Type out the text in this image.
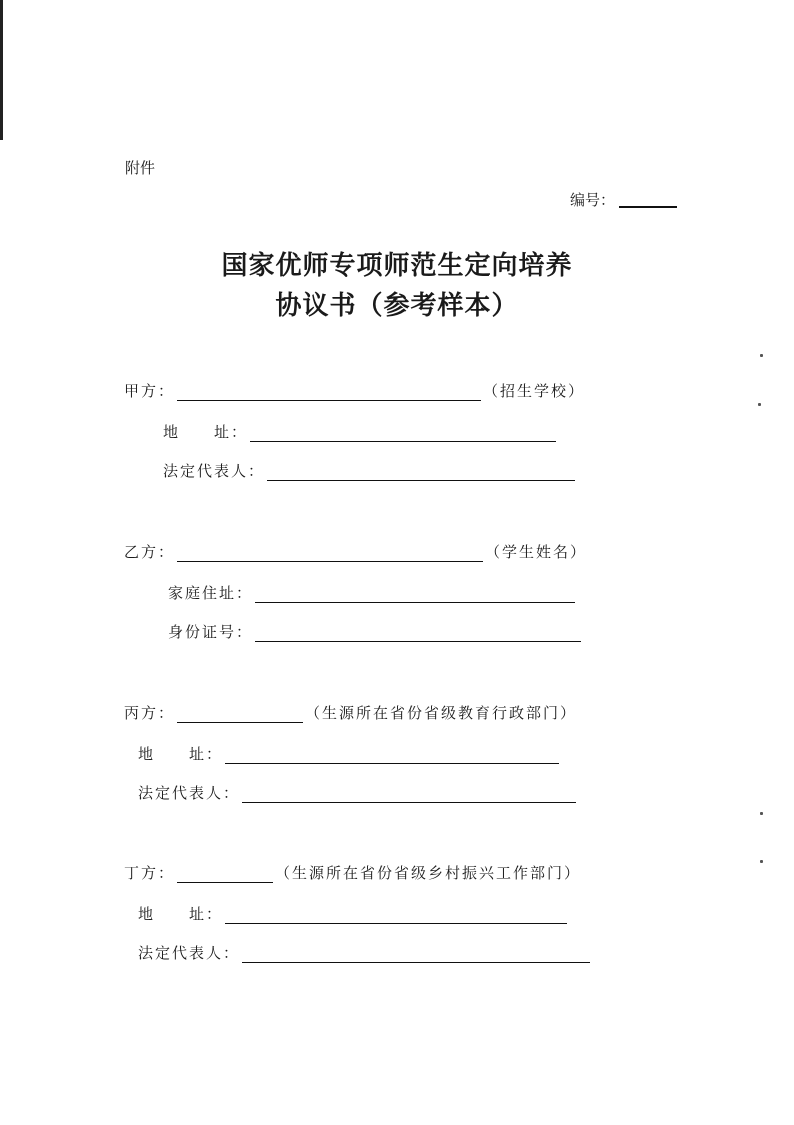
附件
编号：
国家优师专项师范生定向培养
协议书（参考样本）
甲方：	（招生学校）
地　　址：
法定代表人：
乙方：	（学生姓名）
家庭住址：
身份证号：
丙方：	（生源所在省份省级教育行政部门）
地　　址：
法定代表人：
丁方：	（生源所在省份省级乡村振兴工作部门）
地　　址：
法定代表人：
